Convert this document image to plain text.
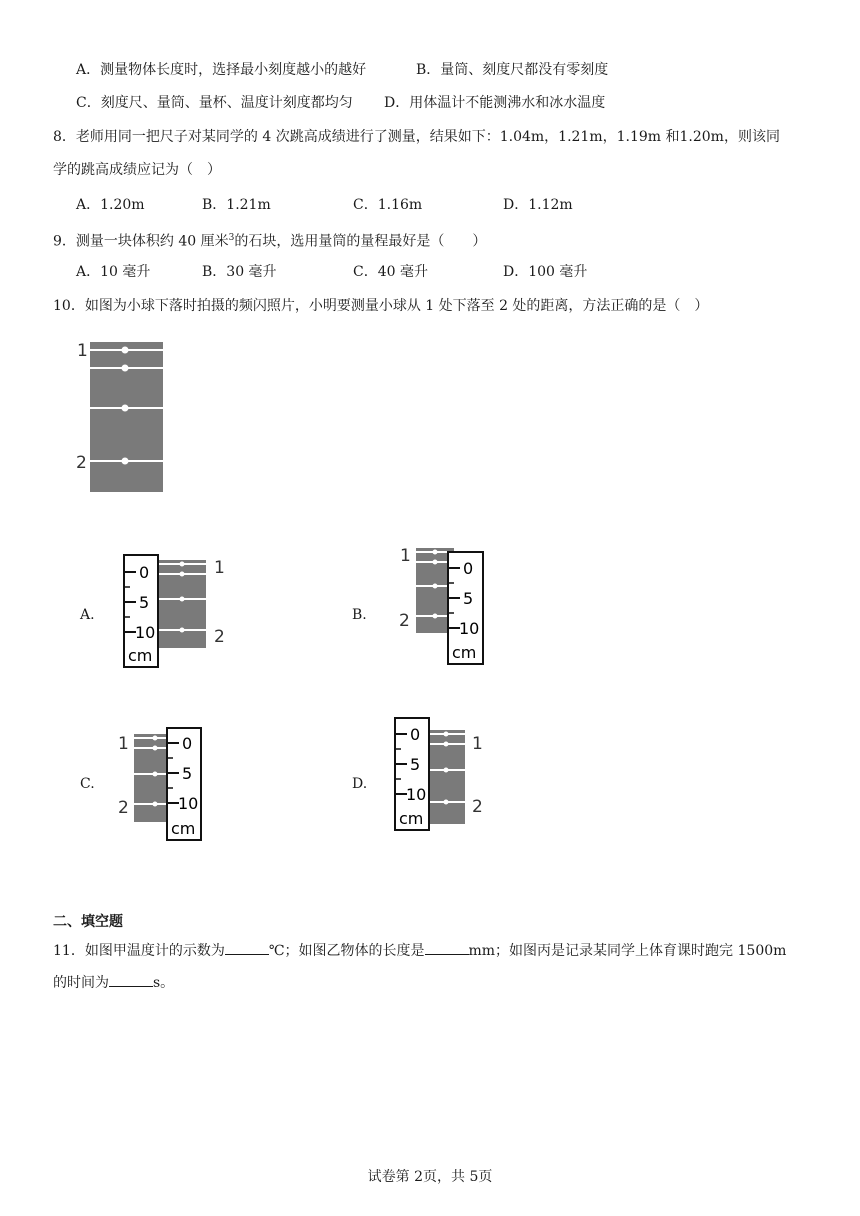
A．测量物体长度时，选择最小刻度越小的越好	B．量筒、刻度尺都没有零刻度
C．刻度尺、量筒、量杯、温度计刻度都均匀 D．用体温计不能测沸水和冰水温度
8．老师用同一把尺子对某同学的 4 次跳高成绩进行了测量，结果如下：1.04m，1.21m，1.19m 和1.20m，则该同
学的跳高成绩应记为（　）
A．1.20m	B．1.21m	C．1.16m	D．1.12m
9．测量一块体积约 40 厘米$^3$的石块，选用量筒的量程最好是（　　）
A．10 毫升	B．30 毫升	C．40 毫升	D．100 毫升
10．如图为小球下落时拍摄的频闪照片，小明要测量小球从 1 处下落至 2 处的距离，方法正确的是（　）
1
2
A.
1
2
0
5
10
cm
B.
1
2
0
5
10
cm
C.
1
2
0
5
10
cm
D.
1
2
0
5
10
cm
二、填空题
11．如图甲温度计的示数为	℃；如图乙物体的长度是	mm；如图丙是记录某同学上体育课时跑完 1500m
的时间为	s。
试卷第 2页，共 5页
